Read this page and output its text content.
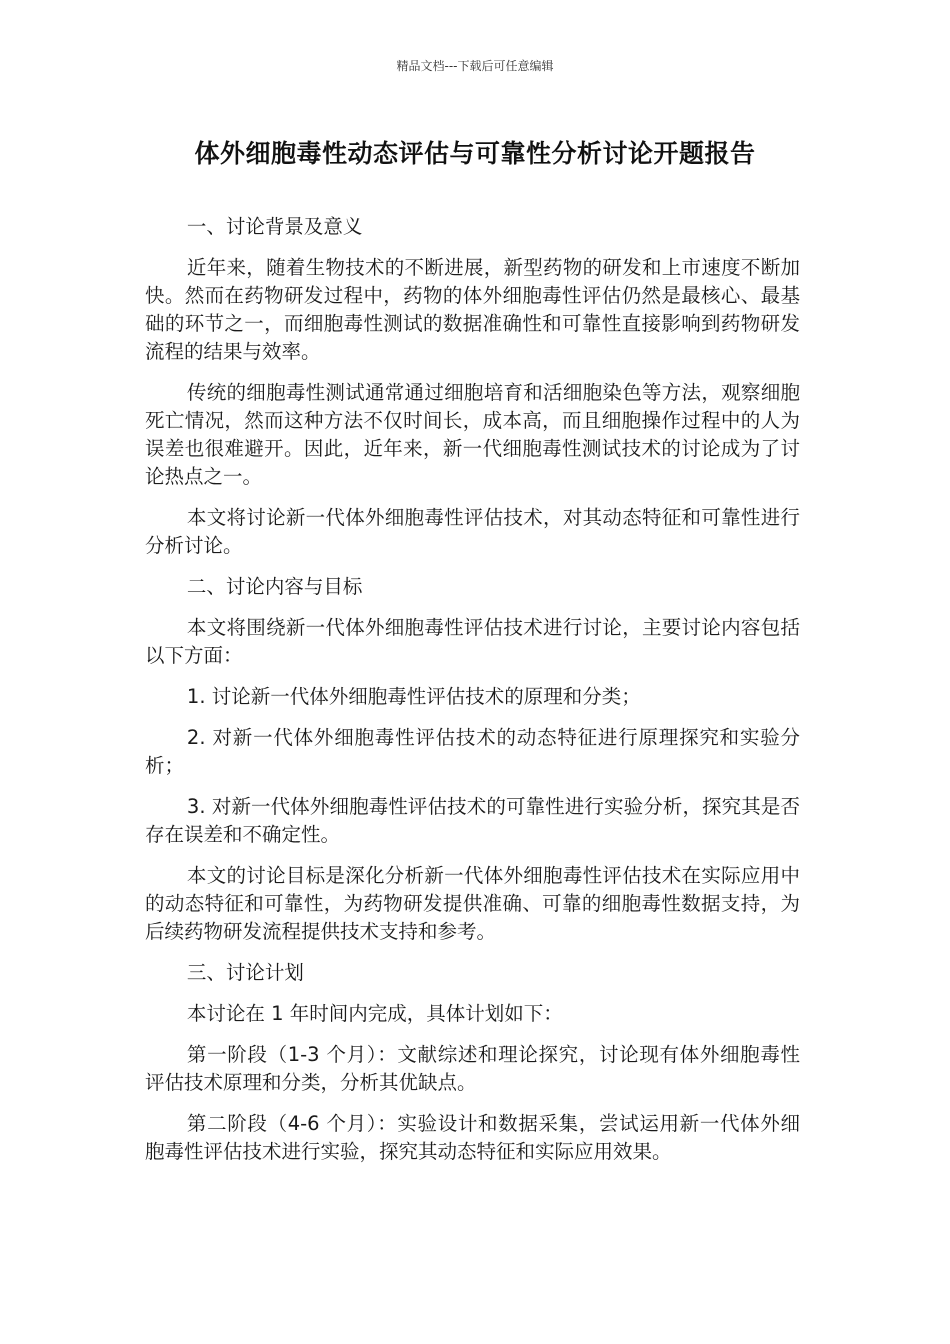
精品文档---下载后可任意编辑
体外细胞毒性动态评估与可靠性分析讨论开题报告

一、讨论背景及意义

近年来，随着生物技术的不断进展，新型药物的研发和上市速度不断加快。然而在药物研发过程中，药物的体外细胞毒性评估仍然是最核心、最基础的环节之一，而细胞毒性测试的数据准确性和可靠性直接影响到药物研发流程的结果与效率。

传统的细胞毒性测试通常通过细胞培育和活细胞染色等方法，观察细胞死亡情况，然而这种方法不仅时间长，成本高，而且细胞操作过程中的人为误差也很难避开。因此，近年来，新一代细胞毒性测试技术的讨论成为了讨论热点之一。

本文将讨论新一代体外细胞毒性评估技术，对其动态特征和可靠性进行分析讨论。

二、讨论内容与目标

本文将围绕新一代体外细胞毒性评估技术进行讨论，主要讨论内容包括以下方面：

1. 讨论新一代体外细胞毒性评估技术的原理和分类；

2. 对新一代体外细胞毒性评估技术的动态特征进行原理探究和实验分析；

3. 对新一代体外细胞毒性评估技术的可靠性进行实验分析，探究其是否存在误差和不确定性。

本文的讨论目标是深化分析新一代体外细胞毒性评估技术在实际应用中的动态特征和可靠性，为药物研发提供准确、可靠的细胞毒性数据支持，为后续药物研发流程提供技术支持和参考。

三、讨论计划

本讨论在 1 年时间内完成，具体计划如下：

第一阶段（1-3 个月）：文献综述和理论探究，讨论现有体外细胞毒性评估技术原理和分类，分析其优缺点。

第二阶段（4-6 个月）：实验设计和数据采集，尝试运用新一代体外细胞毒性评估技术进行实验，探究其动态特征和实际应用效果。
